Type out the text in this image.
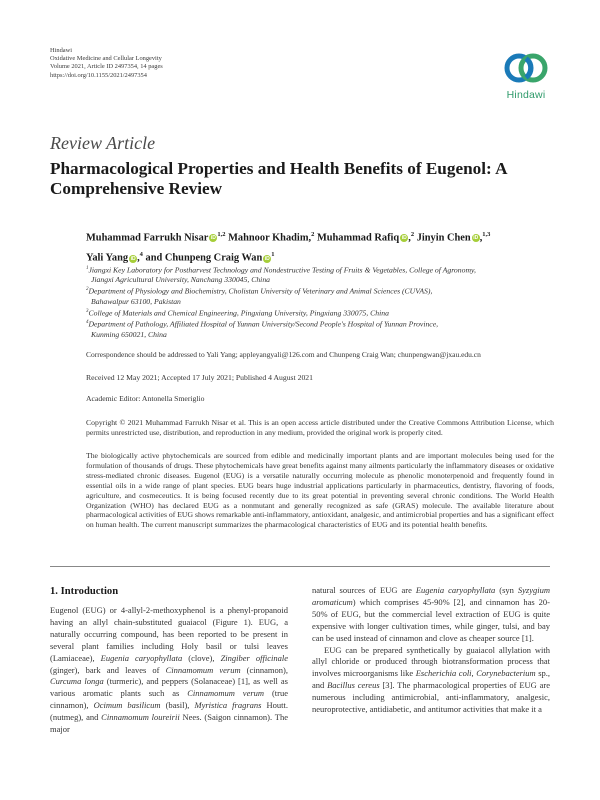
Hindawi
Oxidative Medicine and Cellular Longevity
Volume 2021, Article ID 2497354, 14 pages
https://doi.org/10.1155/2021/2497354
Hindawi
Review Article
Pharmacological Properties and Health Benefits of Eugenol: A Comprehensive Review
Muhammad Farrukh Nisar iD$^{1,2}$ Mahnoor Khadim,$^2$ Muhammad Rafiq iD ,$^2$ Jinyin Chen iD ,$^{1,3}$
Yali Yang iD ,$^4$ and Chunpeng Craig Wan $iD^1$
$^1$Jiangxi Key Laboratory for Postharvest Technology and Nondestructive Testing of Fruits & Vegetables, College of Agronomy,
Jiangxi Agricultural University, Nanchang 330045, China
$^2$Department of Physiology and Biochemistry, Cholistan University of Veterinary and Animal Sciences (CUVAS),
Bahawalpur 63100, Pakistan
$^3$College of Materials and Chemical Engineering, Pingxiang University, Pingxiang 330075, China
$^4$Department of Pathology, Affiliated Hospital of Yunnan University/Second People's Hospital of Yunnan Province,
Kunming 650021, China
Correspondence should be addressed to Yali Yang; appleyangyali@126.com and Chunpeng Craig Wan; chunpengwan@jxau.edu.cn
Received 12 May 2021; Accepted 17 July 2021; Published 4 August 2021
Academic Editor: Antonella Smeriglio
Copyright © 2021 Muhammad Farrukh Nisar et al. This is an open access article distributed under the Creative Commons Attribution License, which permits unrestricted use, distribution, and reproduction in any medium, provided the original work is properly cited.
The biologically active phytochemicals are sourced from edible and medicinally important plants and are important molecules being used for the formulation of thousands of drugs. These phytochemicals have great benefits against many ailments particularly the inflammatory diseases or oxidative stress-mediated chronic diseases. Eugenol (EUG) is a versatile naturally occurring molecule as phenolic monoterpenoid and frequently found in essential oils in a wide range of plant species. EUG bears huge industrial applications particularly in pharmaceutics, dentistry, flavoring of foods, agriculture, and cosmeceutics. It is being focused recently due to its great potential in preventing several chronic conditions. The World Health Organization (WHO) has declared EUG as a nonmutant and generally recognized as safe (GRAS) molecule. The available literature about pharmacological activities of EUG shows remarkable anti-inflammatory, antioxidant, analgesic, and antimicrobial properties and has a significant effect on human health. The current manuscript summarizes the pharmacological characteristics of EUG and its potential health benefits.
1. Introduction

Eugenol (EUG) or 4-allyl-2-methoxyphenol is a phenyl-propanoid having an allyl chain-substituted guaiacol (Figure 1). EUG, a naturally occurring compound, has been reported to be present in several plant families including Holy basil or tulsi leaves (Lamiaceae), Eugenia caryophyllata (clove), Zingiber officinale (ginger), bark and leaves of Cinnamomum verum (cinnamon), Curcuma longa (turmeric), and peppers (Solanaceae) [1], as well as various aromatic plants such as Cinnamomum verum (true cinnamon), Ocimum basilicum (basil), Myristica fragrans Houtt. (nutmeg), and Cinnamomum loureirii Nees. (Saigon cinnamon). The major

natural sources of EUG are Eugenia caryophyllata (syn Syzygium aromaticum) which comprises 45-90% [2], and cinnamon has 20-50% of EUG, but the commercial level extraction of EUG is quite expensive with longer cultivation times, while ginger, tulsi, and bay can be used instead of cinnamon and clove as cheaper source [1].

EUG can be prepared synthetically by guaiacol allylation with allyl chloride or produced through biotransformation process that involves microorganisms like Escherichia coli, Corynebacterium sp., and Bacillus cereus [3]. The pharmacological properties of EUG are numerous including antimicrobial, anti-inflammatory, analgesic, neuroprotective, antidiabetic, and antitumor activities that make it a
